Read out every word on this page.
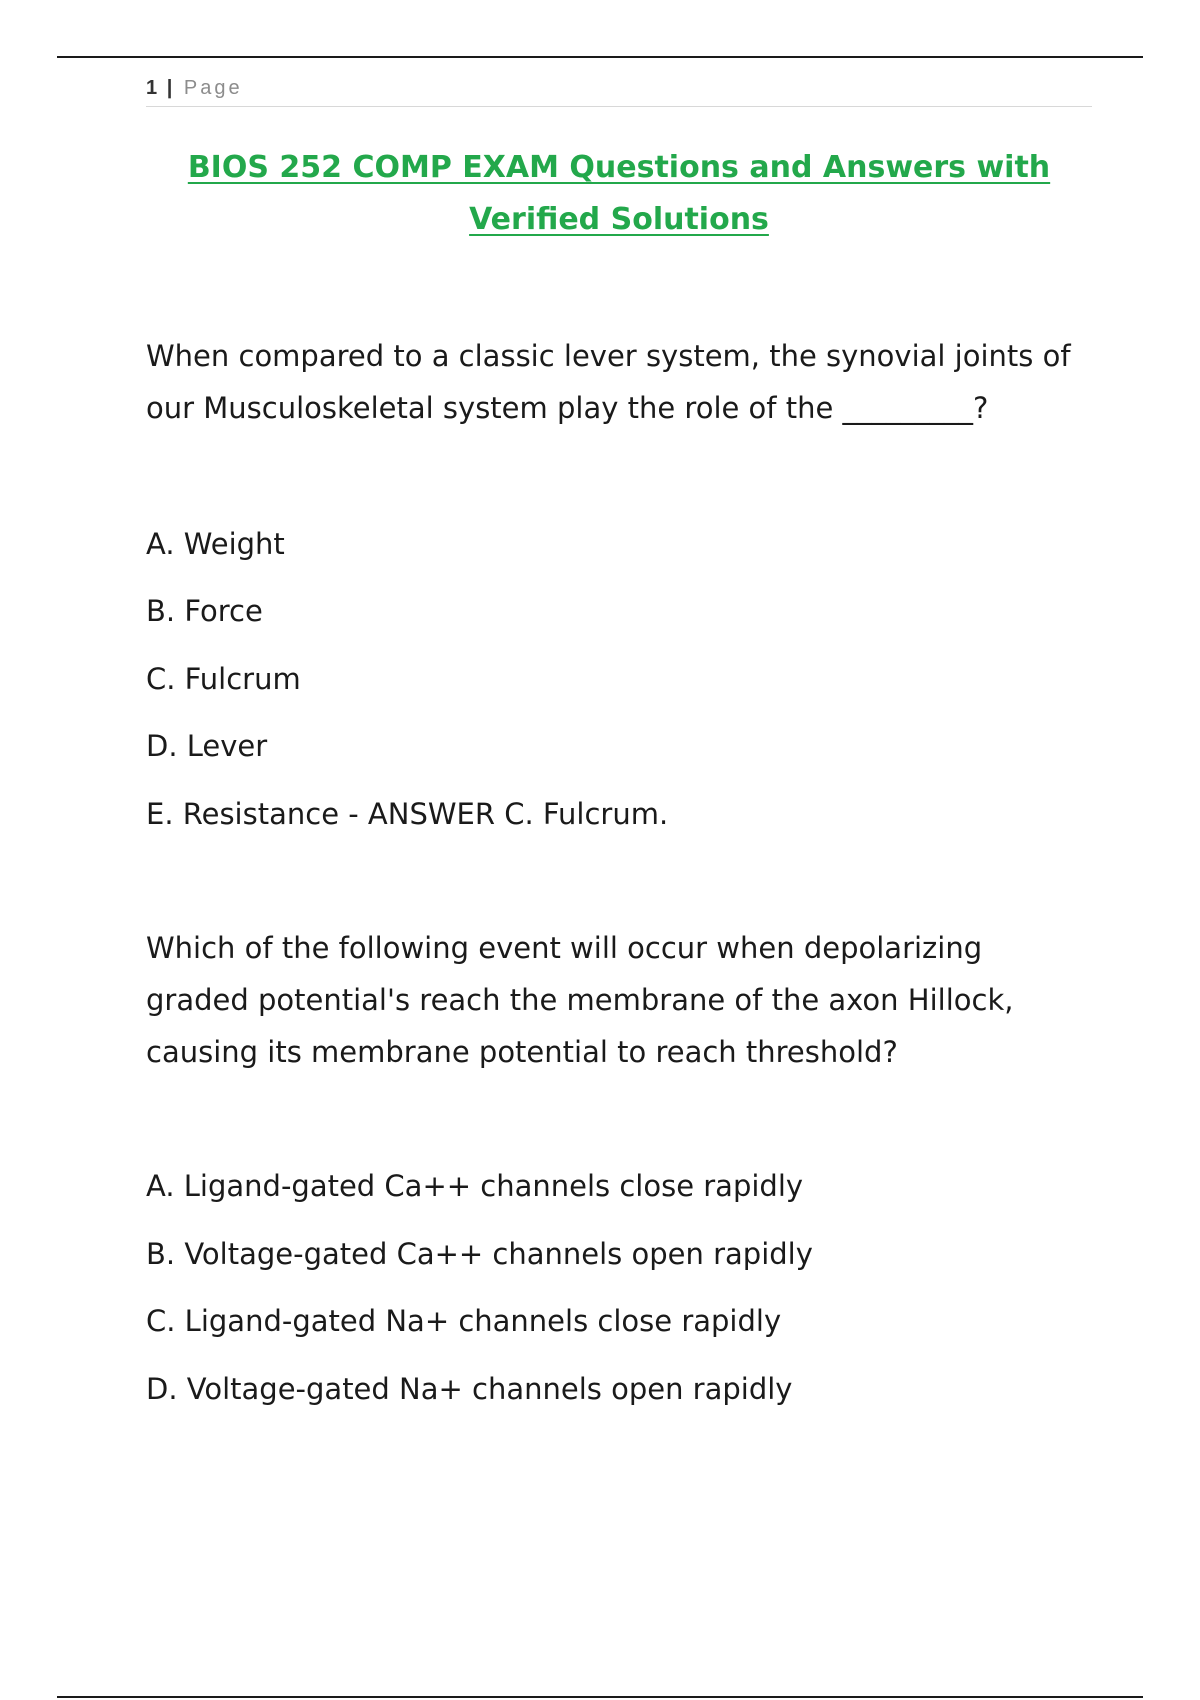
1 | Page
BIOS 252 COMP EXAM Questions and Answers with
Verified Solutions

When compared to a classic lever system, the synovial joints of our Musculoskeletal system play the role of the _________?

A. Weight
B. Force
C. Fulcrum
D. Lever
E. Resistance - ANSWER C. Fulcrum.

Which of the following event will occur when depolarizing graded potential's reach the membrane of the axon Hillock, causing its membrane potential to reach threshold?

A. Ligand-gated Ca++ channels close rapidly
B. Voltage-gated Ca++ channels open rapidly
C. Ligand-gated Na+ channels close rapidly
D. Voltage-gated Na+ channels open rapidly
